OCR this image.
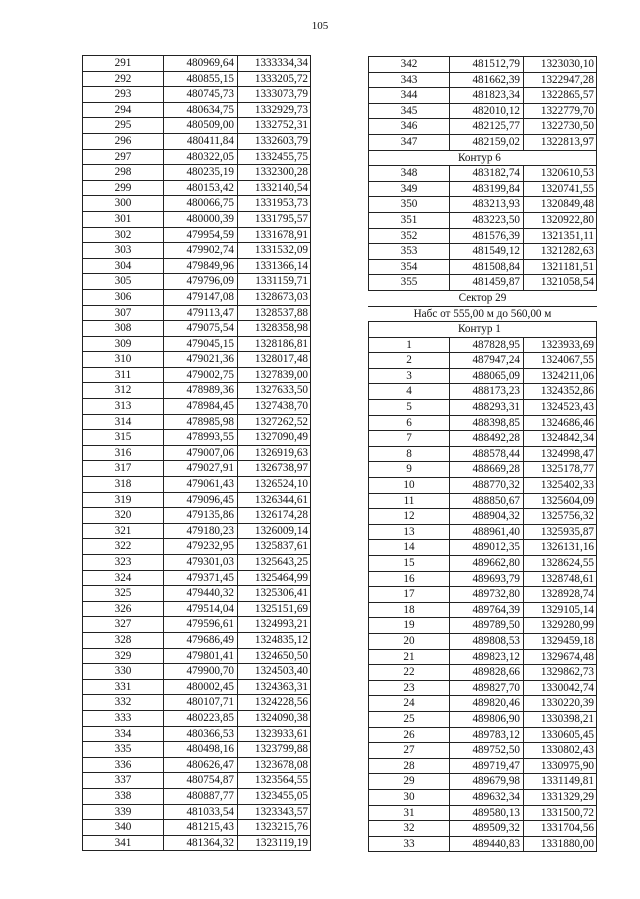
105
291	480969,64	1333334,34
292	480855,15	1333205,72
293	480745,73	1333073,79
294	480634,75	1332929,73
295	480509,00	1332752,31
296	480411,84	1332603,79
297	480322,05	1332455,75
298	480235,19	1332300,28
299	480153,42	1332140,54
300	480066,75	1331953,73
301	480000,39	1331795,57
302	479954,59	1331678,91
303	479902,74	1331532,09
304	479849,96	1331366,14
305	479796,09	1331159,71
306	479147,08	1328673,03
307	479113,47	1328537,88
308	479075,54	1328358,98
309	479045,15	1328186,81
310	479021,36	1328017,48
311	479002,75	1327839,00
312	478989,36	1327633,50
313	478984,45	1327438,70
314	478985,98	1327262,52
315	478993,55	1327090,49
316	479007,06	1326919,63
317	479027,91	1326738,97
318	479061,43	1326524,10
319	479096,45	1326344,61
320	479135,86	1326174,28
321	479180,23	1326009,14
322	479232,95	1325837,61
323	479301,03	1325643,25
324	479371,45	1325464,99
325	479440,32	1325306,41
326	479514,04	1325151,69
327	479596,61	1324993,21
328	479686,49	1324835,12
329	479801,41	1324650,50
330	479900,70	1324503,40
331	480002,45	1324363,31
332	480107,71	1324228,56
333	480223,85	1324090,38
334	480366,53	1323933,61
335	480498,16	1323799,88
336	480626,47	1323678,08
337	480754,87	1323564,55
338	480887,77	1323455,05
339	481033,54	1323343,57
340	481215,43	1323215,76
341	481364,32	1323119,19
342	481512,79	1323030,10
343	481662,39	1322947,28
344	481823,34	1322865,57
345	482010,12	1322779,70
346	482125,77	1322730,50
347	482159,02	1322813,97
	Контур 6	
348	483182,74	1320610,53
349	483199,84	1320741,55
350	483213,93	1320849,48
351	483223,50	1320922,80
352	481576,39	1321351,11
353	481549,12	1321282,63
354	481508,84	1321181,51
355	481459,87	1321058,54
Сектор 29		
Набс от 555,00 м до 560,00 м		
	Контур 1	
1	487828,95	1323933,69
2	487947,24	1324067,55
3	488065,09	1324211,06
4	488173,23	1324352,86
5	488293,31	1324523,43
6	488398,85	1324686,46
7	488492,28	1324842,34
8	488578,44	1324998,47
9	488669,28	1325178,77
10	488770,32	1325402,33
11	488850,67	1325604,09
12	488904,32	1325756,32
13	488961,40	1325935,87
14	489012,35	1326131,16
15	489662,80	1328624,55
16	489693,79	1328748,61
17	489732,80	1328928,74
18	489764,39	1329105,14
19	489789,50	1329280,99
20	489808,53	1329459,18
21	489823,12	1329674,48
22	489828,66	1329862,73
23	489827,70	1330042,74
24	489820,46	1330220,39
25	489806,90	1330398,21
26	489783,12	1330605,45
27	489752,50	1330802,43
28	489719,47	1330975,90
29	489679,98	1331149,81
30	489632,34	1331329,29
31	489580,13	1331500,72
32	489509,32	1331704,56
33	489440,83	1331880,00
